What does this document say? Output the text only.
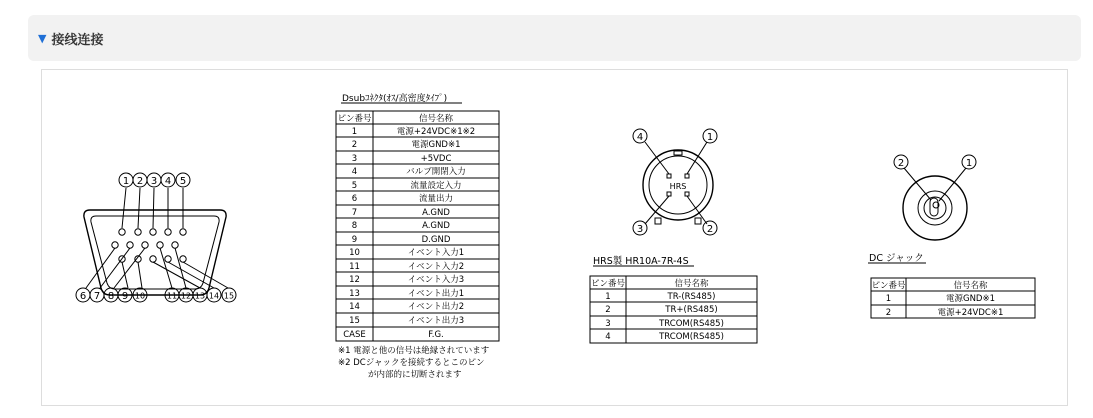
▼ 接线连接
1 2 3 4 5
6 7 8 9 10	11 12 13 14 15
Dsubｺﾈｸﾀ(ｵｽ/高密度ﾀｲﾌﾟ)
ピン番号	信号名称
1	電源+24VDC※1※2
2	電源GND※1
3	+5VDC
4	バルブ開閉入力
5	流量設定入力
6	流量出力
7	A.GND
8	A.GND
9	D.GND
10	イベント入力1
11	イベント入力2
12	イベント入力3
13	イベント出力1
14	イベント出力2
15	イベント出力3
CASE	F.G.
※1 電源と他の信号は絶縁されています
※2 DCジャックを接続するとこのピン
が内部的に切断されます
HRS
4	1
3	2
HRS製 HR10A-7R-4S
ピン番号	信号名称
1	TR-(RS485)
2	TR+(RS485)
3	TRCOM(RS485)
4	TRCOM(RS485)
2	1
DC ジャック
ピン番号	信号名称
1	電源GND※1
2	電源+24VDC※1
